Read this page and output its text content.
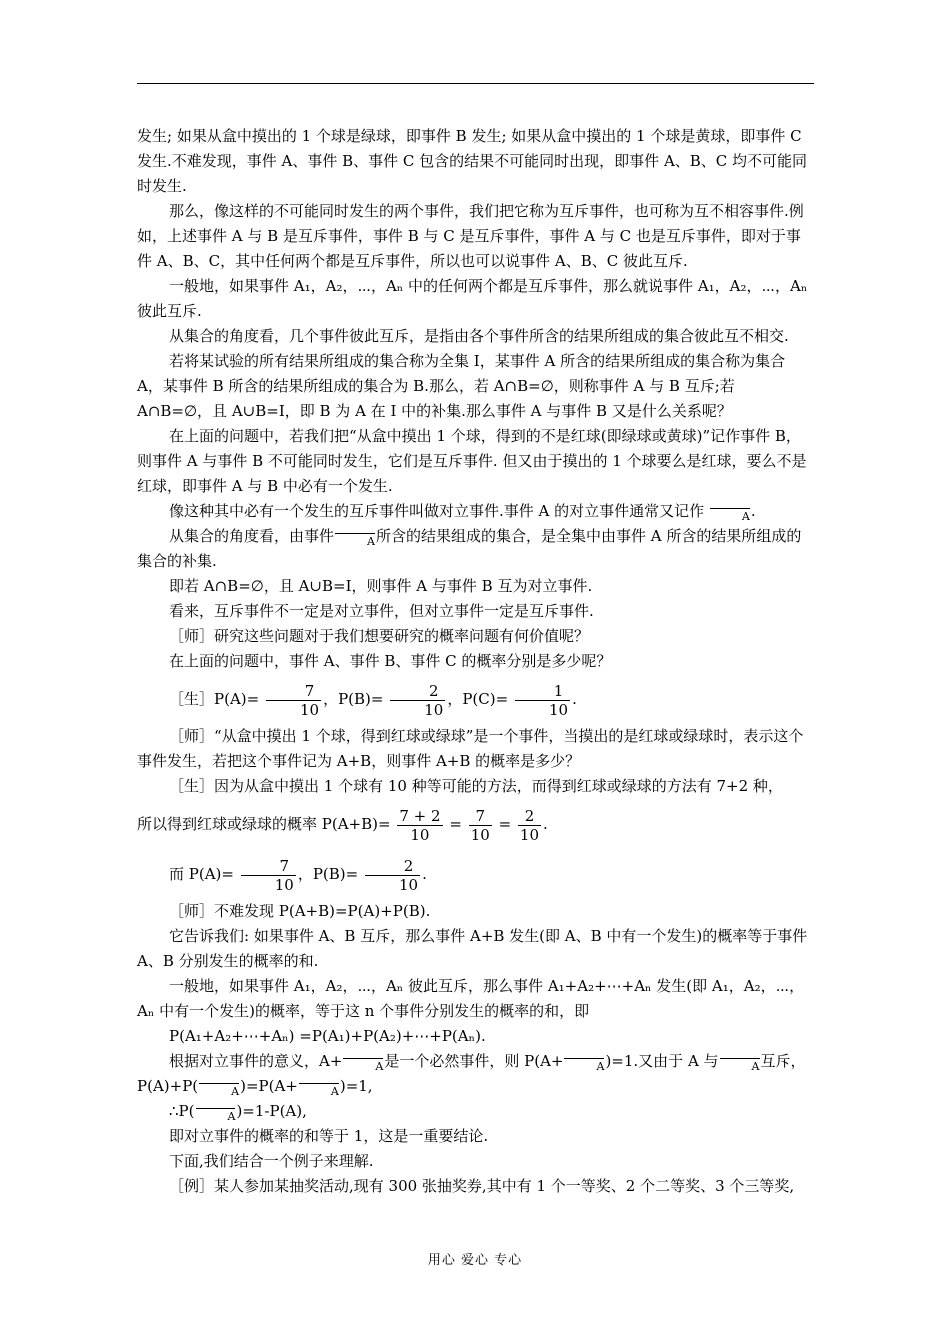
发生; 如果从盒中摸出的 1 个球是绿球，即事件 B 发生; 如果从盒中摸出的 1 个球是黄球，即事件 C 发生.不难发现，事件 A、事件 B、事件 C 包含的结果不可能同时出现，即事件 A、B、C 均不可能同时发生.

那么，像这样的不可能同时发生的两个事件，我们把它称为互斥事件，也可称为互不相容事件.例如，上述事件 A 与 B 是互斥事件，事件 B 与 C 是互斥事件，事件 A 与 C 也是互斥事件，即对于事件 A、B、C，其中任何两个都是互斥事件，所以也可以说事件 A、B、C 彼此互斥.

一般地，如果事件 A₁，A₂，⋯，Aₙ 中的任何两个都是互斥事件，那么就说事件 A₁，A₂，⋯，Aₙ 彼此互斥.

从集合的角度看，几个事件彼此互斥，是指由各个事件所含的结果所组成的集合彼此互不相交.

若将某试验的所有结果所组成的集合称为全集 I，某事件 A 所含的结果所组成的集合称为集合 A，某事件 B 所含的结果所组成的集合为 B.那么，若 A∩B=∅，则称事件 A 与 B 互斥;若 A∩B=∅，且 A∪B=I，即 B 为 A 在 I 中的补集.那么事件 A 与事件 B 又是什么关系呢？

在上面的问题中，若我们把“从盒中摸出 1 个球，得到的不是红球(即绿球或黄球)”记作事件 B，则事件 A 与事件 B 不可能同时发生，它们是互斥事件. 但又由于摸出的 1 个球要么是红球，要么不是红球，即事件 A 与 B 中必有一个发生.

像这种其中必有一个发生的互斥事件叫做对立事件.事件 A 的对立事件通常又记作	A.

从集合的角度看，由事件	A所含的结果组成的集合，是全集中由事件 A 所含的结果所组成的集合的补集.

即若 A∩B=∅，且 A∪B=I，则事件 A 与事件 B 互为对立事件.

看来，互斥事件不一定是对立事件，但对立事件一定是互斥事件.

［师］研究这些问题对于我们想要研究的概率问题有何价值呢？

在上面的问题中，事件 A、事件 B、事件 C 的概率分别是多少呢？

［生］P(A)= $\frac{7}{10}$ ，$P(B)= \frac{2}{10}$ ，$P(C)= \frac{1}{10}$ .

［师］“从盒中摸出 1 个球，得到红球或绿球”是一个事件，当摸出的是红球或绿球时，表示这个事件发生，若把这个事件记为 A+B，则事件 A+B 的概率是多少？

［生］因为从盒中摸出 1 个球有 10 种等可能的方法，而得到红球或绿球的方法有 7+2 种，

所以得到红球或绿球的概率 $P(A+B)= \frac{7 + 2}{10} = \frac{7}{10} = \frac{2}{10}$ .

而 $P(A)= \frac{7}{10}$ ，$P(B)= \frac{2}{10}$ .

［师］不难发现 P(A+B)=P(A)+P(B).

它告诉我们: 如果事件 A、B 互斥，那么事件 A+B 发生(即 A、B 中有一个发生)的概率等于事件 A、B 分别发生的概率的和.

一般地，如果事件 A₁，A₂，⋯，Aₙ 彼此互斥，那么事件 A₁+A₂+⋯+Aₙ 发生(即 A₁，A₂，⋯，Aₙ 中有一个发生)的概率，等于这 n 个事件分别发生的概率的和，即

P(A₁+A₂+⋯+Aₙ) =P(A₁)+P(A₂)+⋯+P(Aₙ).

根据对立事件的意义，A+	A是一个必然事件，则 P(A+	A)=1.又由于 A 与	A互斥，P(A)+P(	A)=P(A+	A)=1,

∴P(	A)=1-P(A),

即对立事件的概率的和等于 1，这是一重要结论.

下面,我们结合一个例子来理解.

［例］某人参加某抽奖活动,现有 300 张抽奖券,其中有 1 个一等奖、2 个二等奖、3 个三等奖,

用心 爱心 专心
